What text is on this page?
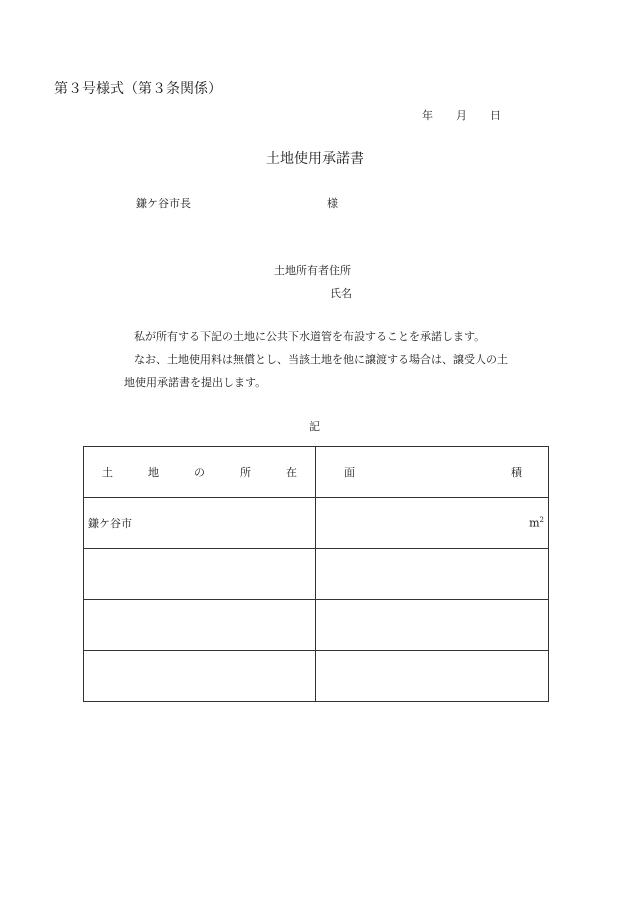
第３号様式（第３条関係）
年 月 日
土地使用承諾書
鎌ケ谷市長	様
土地所有者住所
氏名
私が所有する下記の土地に公共下水道管を布設することを承諾します。
なお、土地使用料は無償とし、当該土地を他に譲渡する場合は、譲受人の土
地使用承諾書を提出します。
記
土 地 の 所 在	面 積

鎌ケ谷市	$m^2$
